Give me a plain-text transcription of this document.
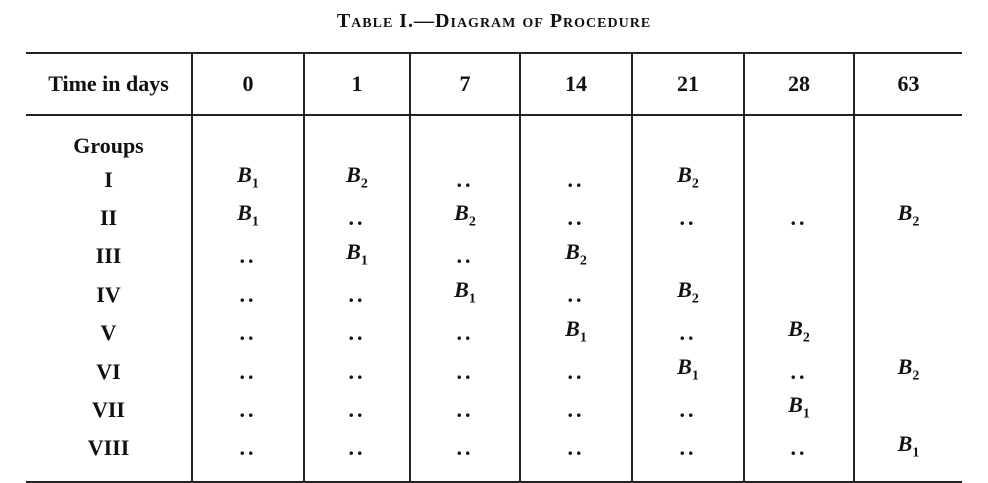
Table I.—Diagram of Procedure
Time in days	0	1	7	14	21	28	63
Groups							
I	$B_1$	$B_2$	..	..	$B_2$		
II	$B_1$	..	$B_2$	..	..	..	$B_2$
III	..	$B_1$	..	$B_2$			
IV	..	..	$B_1$	..	$B_2$		
V	..	..	..	$B_1$	..	$B_2$	
VI	..	..	..	..	$B_1$	..	$B_2$
VII	..	..	..	..	..	$B_1$	
VIII	..	..	..	..	..	..	$B_1$
